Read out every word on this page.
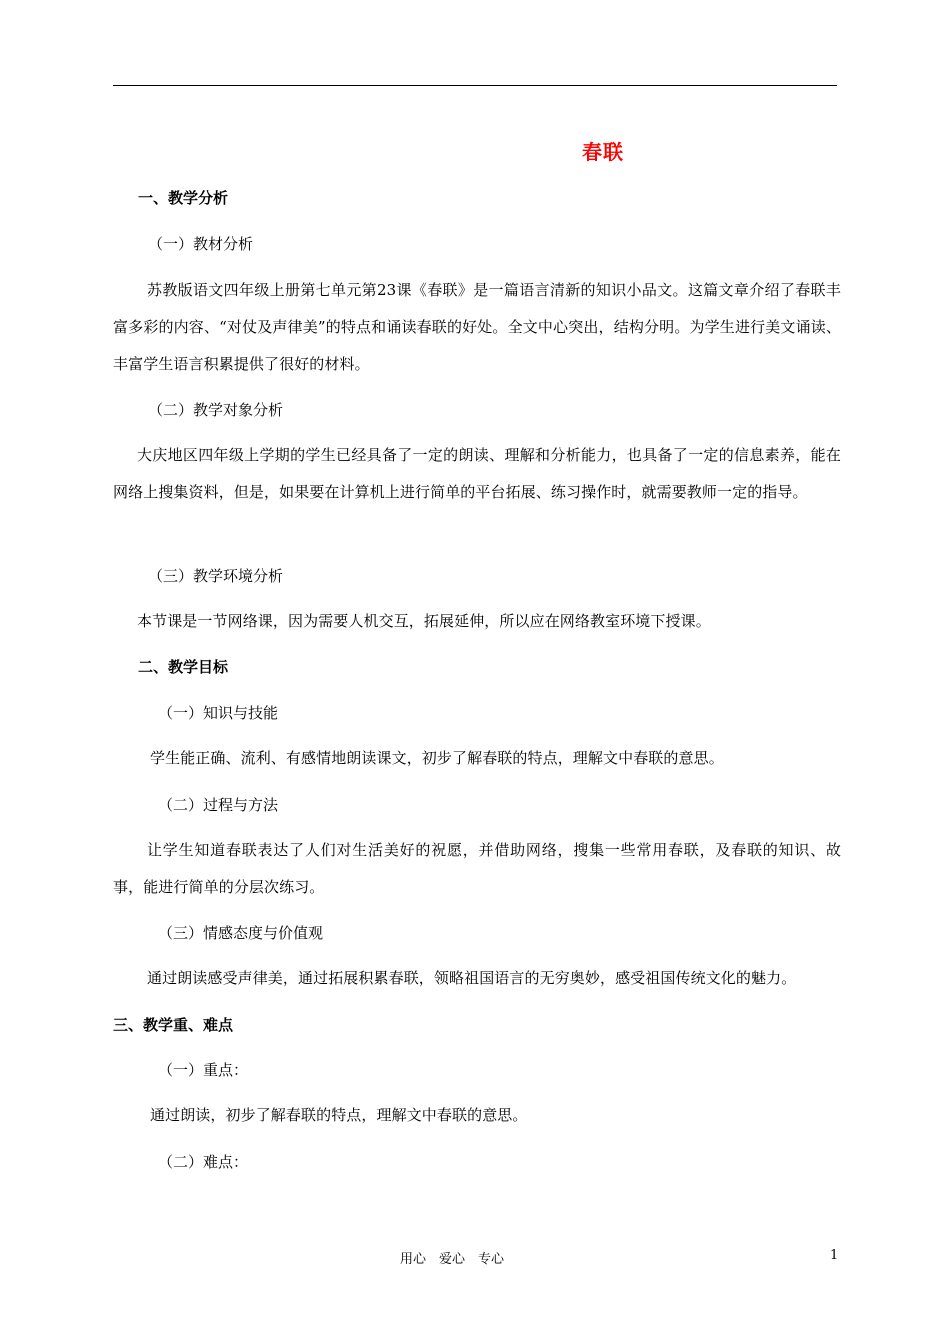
春联
一、教学分析
（一）教材分析

苏教版语文四年级上册第七单元第23课《春联》是一篇语言清新的知识小品文。这篇文章介绍了春联丰富多彩的内容、“对仗及声律美”的特点和诵读春联的好处。全文中心突出，结构分明。为学生进行美文诵读、丰富学生语言积累提供了很好的材料。

（二）教学对象分析

大庆地区四年级上学期的学生已经具备了一定的朗读、理解和分析能力，也具备了一定的信息素养，能在网络上搜集资料，但是，如果要在计算机上进行简单的平台拓展、练习操作时，就需要教师一定的指导。

（三）教学环境分析

本节课是一节网络课，因为需要人机交互，拓展延伸，所以应在网络教室环境下授课。

二、教学目标
（一）知识与技能

学生能正确、流利、有感情地朗读课文，初步了解春联的特点，理解文中春联的意思。

（二）过程与方法

让学生知道春联表达了人们对生活美好的祝愿，并借助网络，搜集一些常用春联，及春联的知识、故事，能进行简单的分层次练习。

（三）情感态度与价值观

通过朗读感受声律美，通过拓展积累春联，领略祖国语言的无穷奥妙，感受祖国传统文化的魅力。

三、教学重、难点
（一）重点：

通过朗读，初步了解春联的特点，理解文中春联的意思。

（二）难点：
用心　爱心　专心	1
